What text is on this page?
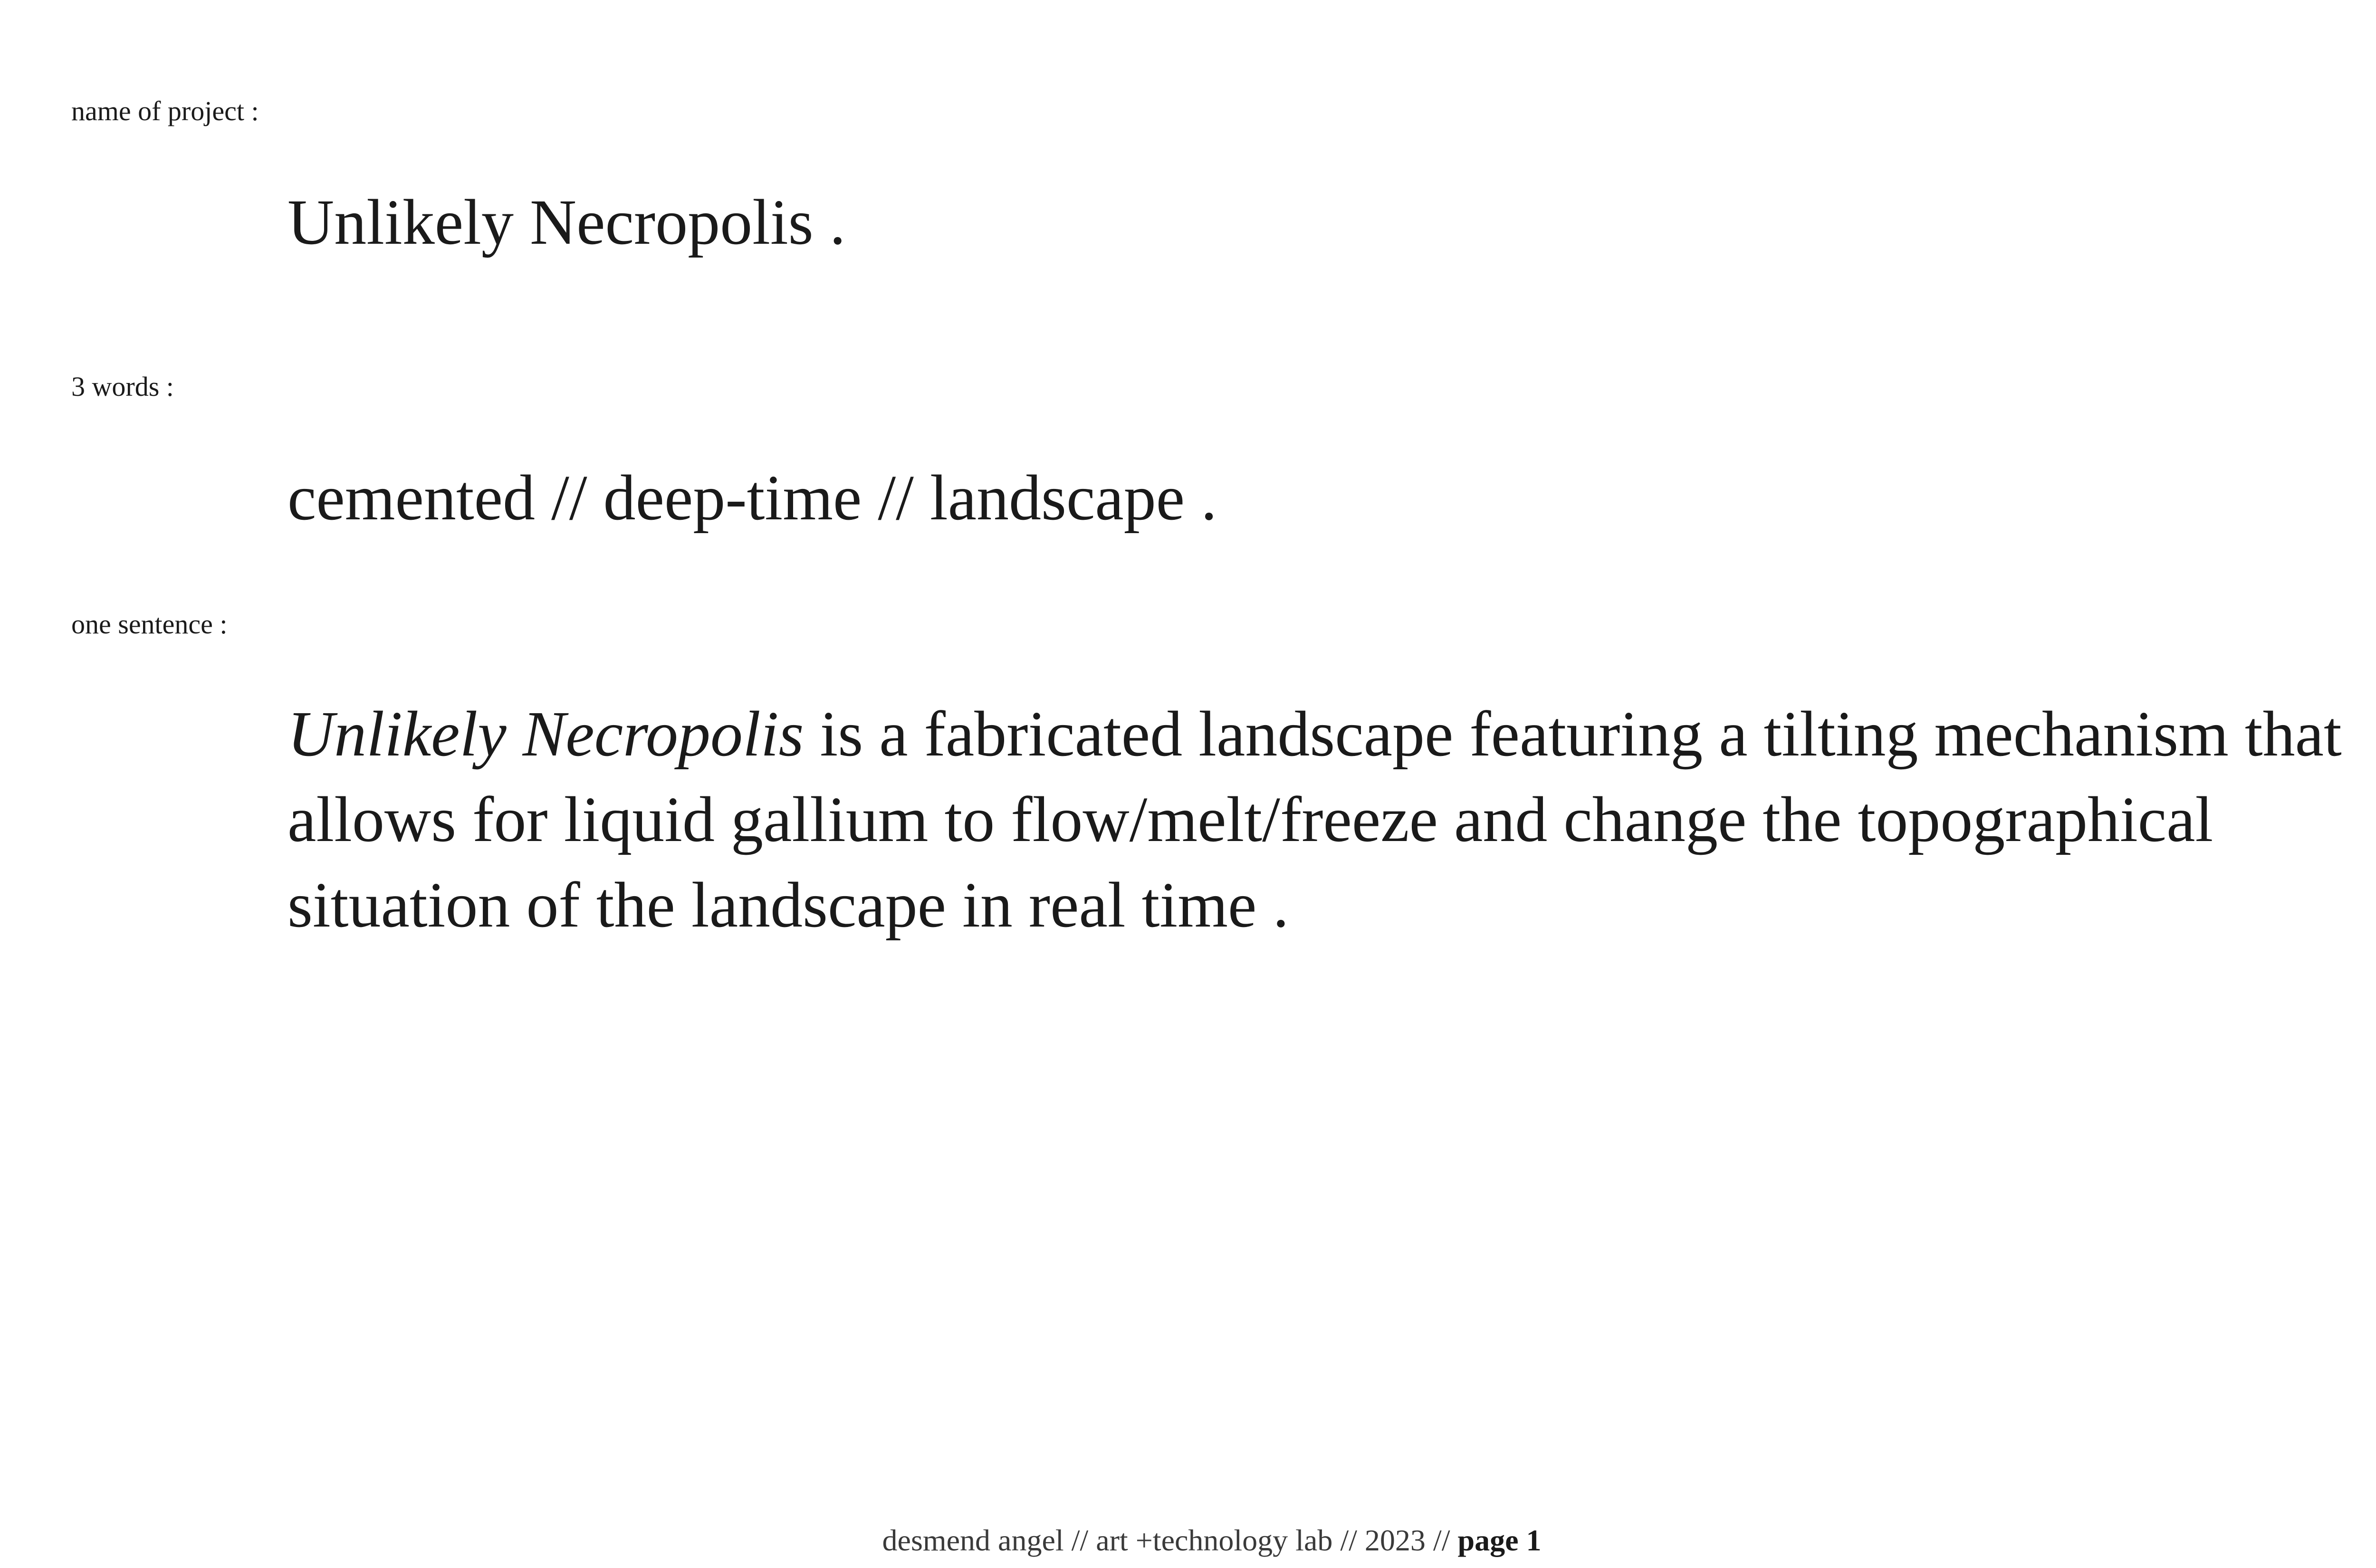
name of project :
Unlikely Necropolis .
3 words :
cemented // deep-time // landscape .
one sentence :

Unlikely Necropolis is a fabricated landscape featuring a tilting mechanism that
allows for liquid gallium to flow/melt/freeze and change the topographical
situation of the landscape in real time .

desmend angel // art +technology lab // 2023 // page 1
